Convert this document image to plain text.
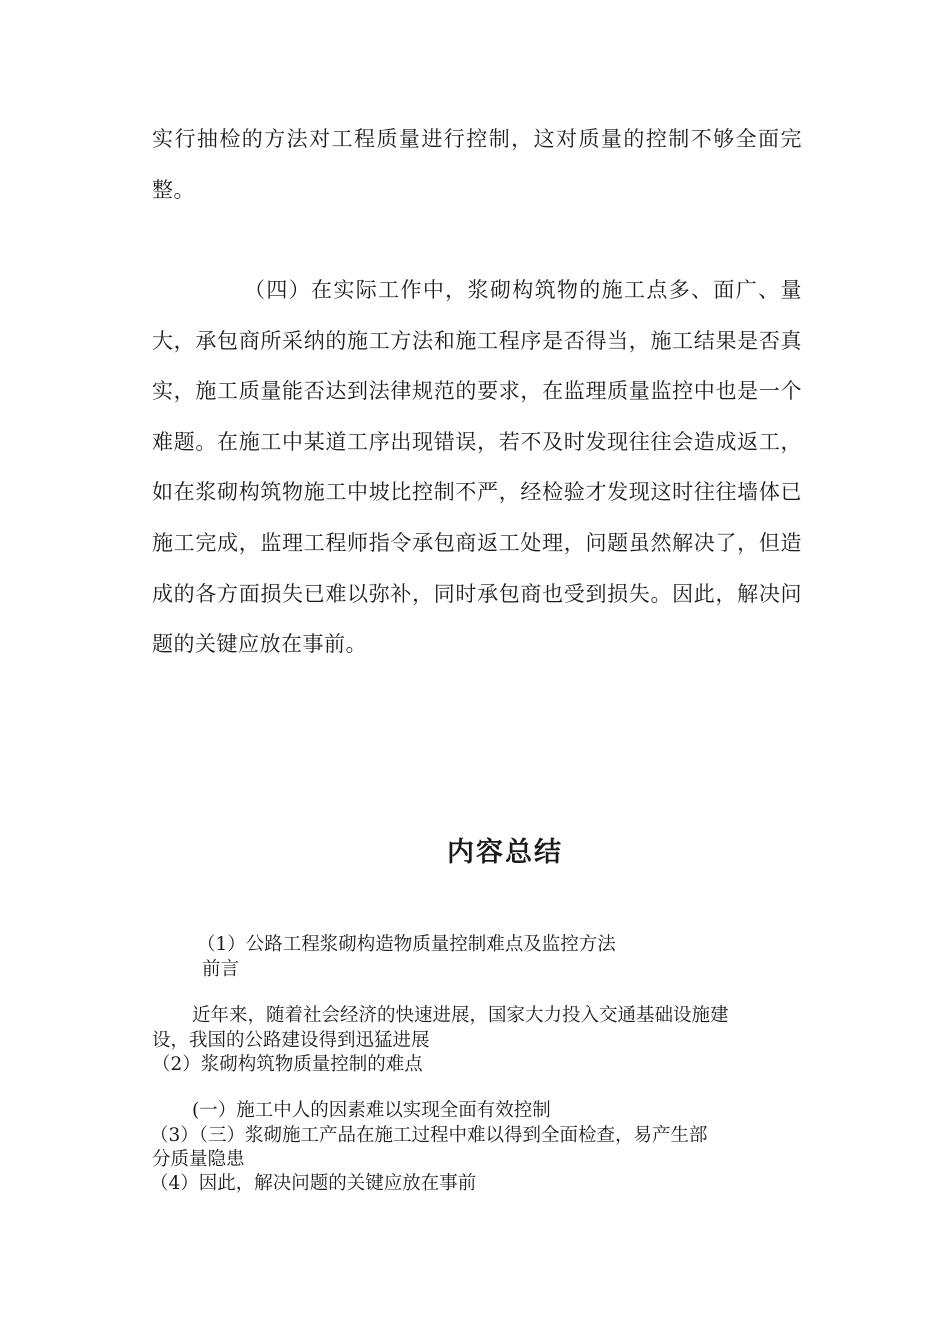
实行抽检的方法对工程质量进行控制，这对质量的控制不够全面完整。

（四）在实际工作中，浆砌构筑物的施工点多、面广、量大，承包商所采纳的施工方法和施工程序是否得当，施工结果是否真实，施工质量能否达到法律规范的要求，在监理质量监控中也是一个难题。在施工中某道工序出现错误，若不及时发现往往会造成返工，如在浆砌构筑物施工中坡比控制不严，经检验才发现这时往往墙体已施工完成，监理工程师指令承包商返工处理，问题虽然解决了，但造成的各方面损失已难以弥补，同时承包商也受到损失。因此，解决问题的关键应放在事前。

内容总结

（1）公路工程浆砌构造物质量控制难点及监控方法

前言

近年来，随着社会经济的快速进展，国家大力投入交通基础设施建

设，我国的公路建设得到迅猛进展

（2）浆砌构筑物质量控制的难点

(一）施工中人的因素难以实现全面有效控制

（3）（三）浆砌施工产品在施工过程中难以得到全面检查，易产生部

分质量隐患

（4）因此，解决问题的关键应放在事前
